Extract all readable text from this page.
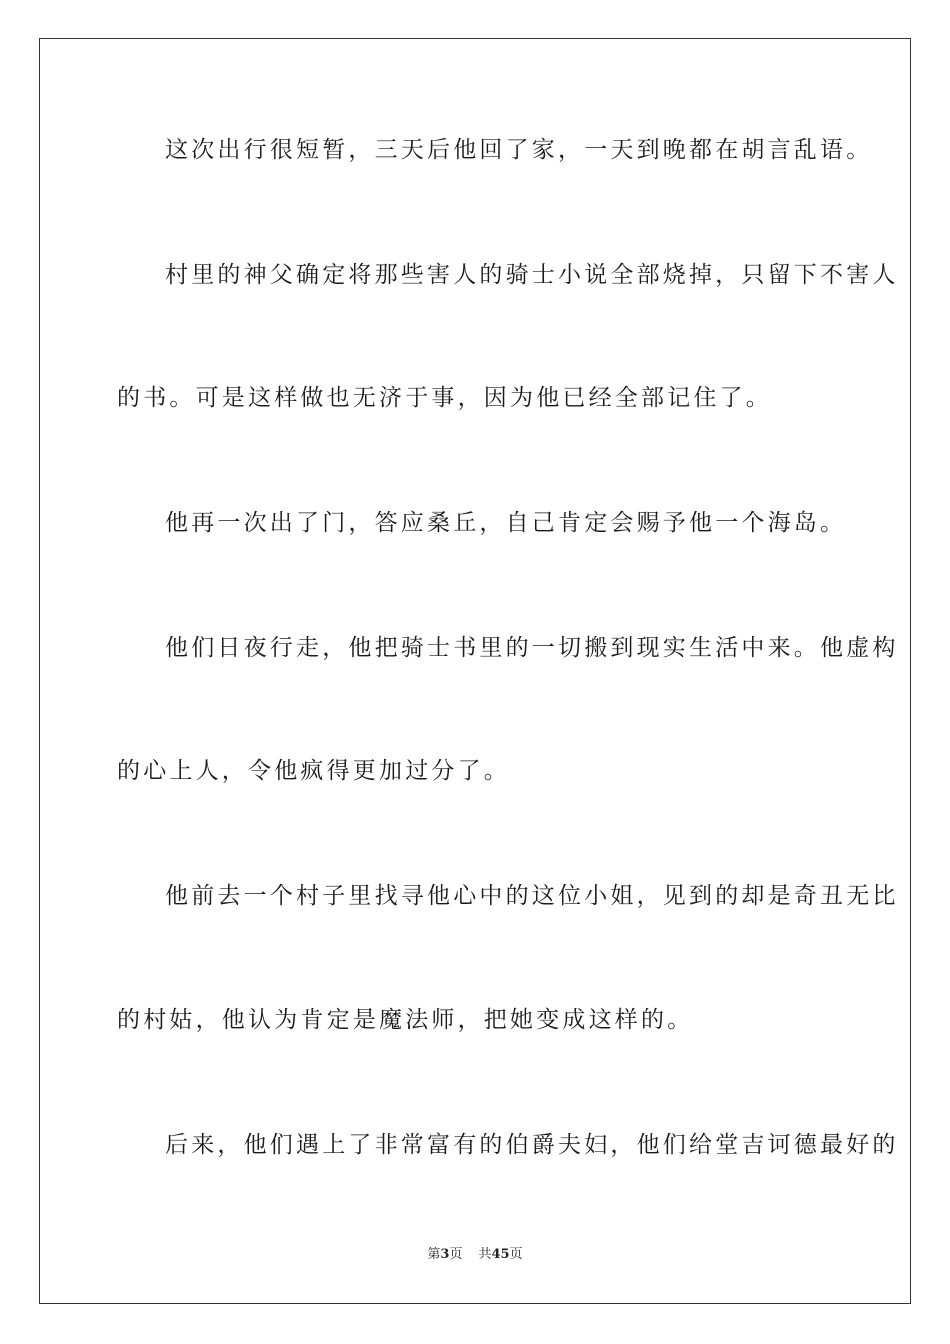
这次出行很短暂，三天后他回了家，一天到晚都在胡言乱语。

村里的神父确定将那些害人的骑士小说全部烧掉，只留下不害人

的书。可是这样做也无济于事，因为他已经全部记住了。

他再一次出了门，答应桑丘，自己肯定会赐予他一个海岛。

他们日夜行走，他把骑士书里的一切搬到现实生活中来。他虚构

的心上人，令他疯得更加过分了。

他前去一个村子里找寻他心中的这位小姐，见到的却是奇丑无比

的村姑，他认为肯定是魔法师，把她变成这样的。

后来，他们遇上了非常富有的伯爵夫妇，他们给堂吉诃德最好的

第3页 共45页
